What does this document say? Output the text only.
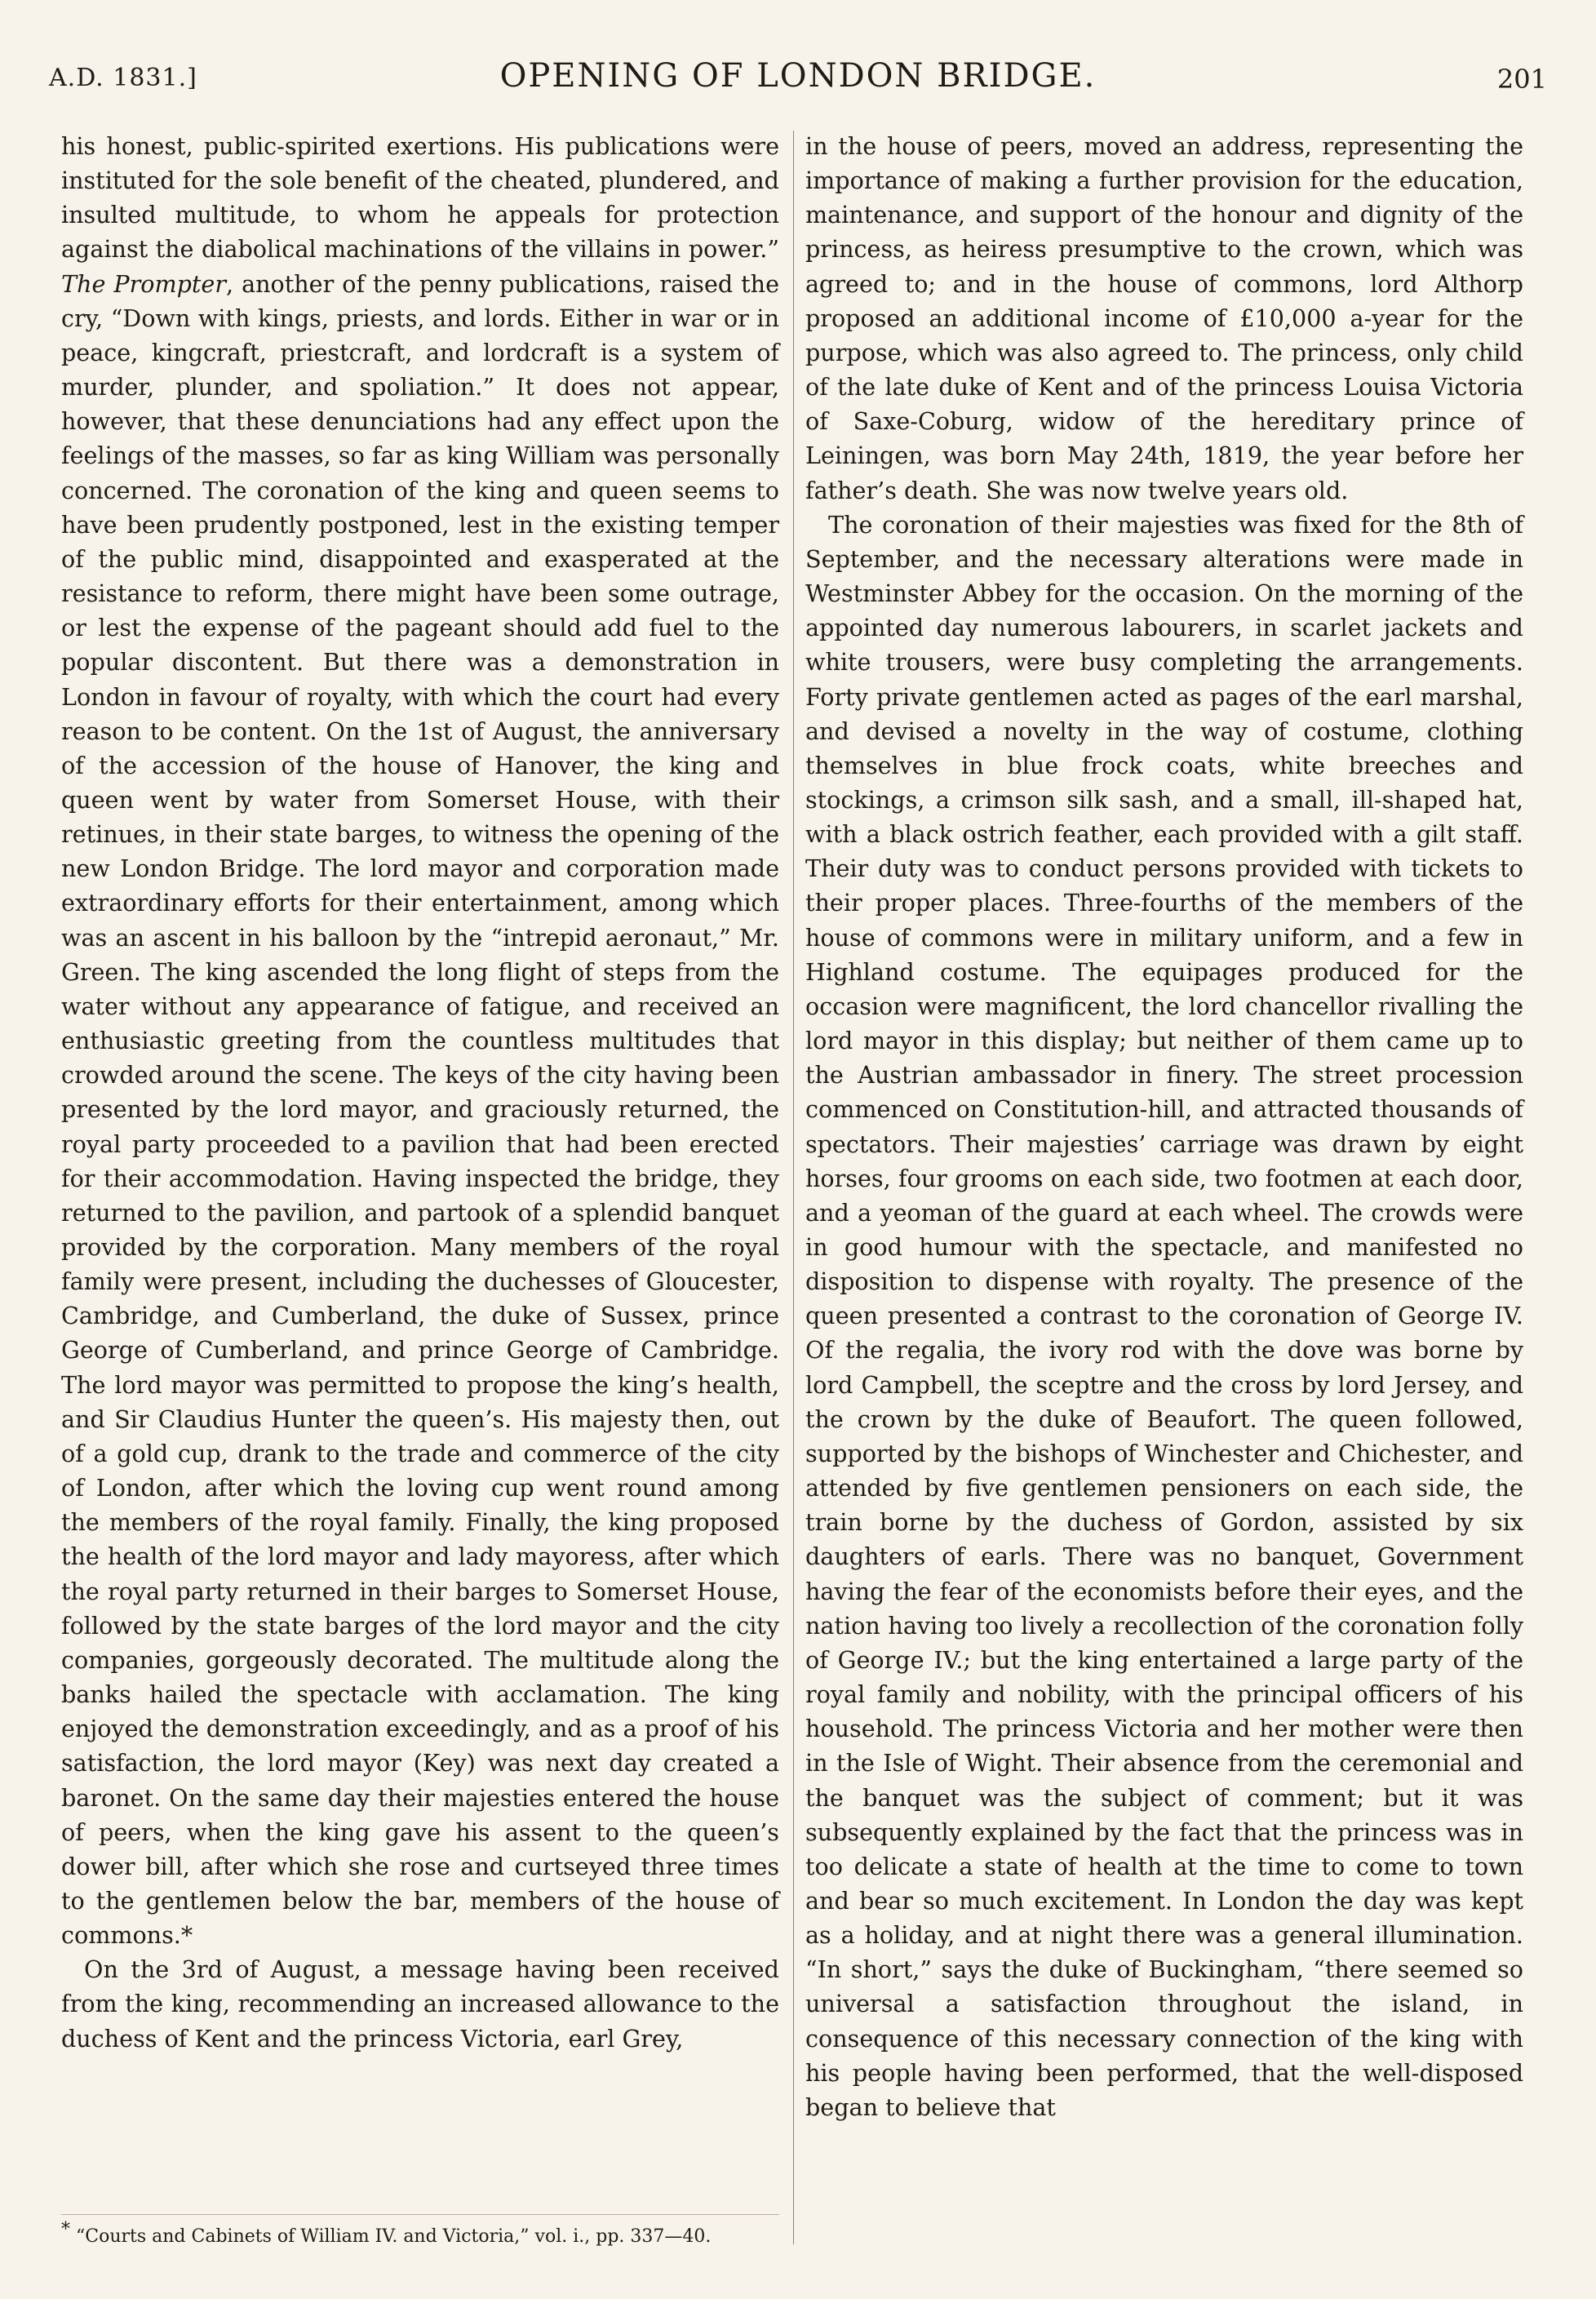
A.D. 1831.]	OPENING OF LONDON BRIDGE.	201

his honest, public-spirited exertions. His publications were instituted for the sole benefit of the cheated, plundered, and insulted multitude, to whom he appeals for protection against the diabolical machinations of the villains in power.” The Prompter, another of the penny publications, raised the cry, “Down with kings, priests, and lords. Either in war or in peace, kingcraft, priestcraft, and lordcraft is a system of murder, plunder, and spoliation.” It does not appear, however, that these denunciations had any effect upon the feelings of the masses, so far as king William was personally concerned. The coronation of the king and queen seems to have been prudently postponed, lest in the existing temper of the public mind, disappointed and exasperated at the resistance to reform, there might have been some outrage, or lest the expense of the pageant should add fuel to the popular discontent. But there was a demonstration in London in favour of royalty, with which the court had every reason to be content. On the 1st of August, the anniversary of the accession of the house of Hanover, the king and queen went by water from Somerset House, with their retinues, in their state barges, to witness the opening of the new London Bridge. The lord mayor and corporation made extraordinary efforts for their entertainment, among which was an ascent in his balloon by the “intrepid aeronaut,” Mr. Green. The king ascended the long flight of steps from the water without any appearance of fatigue, and received an enthusiastic greeting from the countless multitudes that crowded around the scene. The keys of the city having been presented by the lord mayor, and graciously returned, the royal party proceeded to a pavilion that had been erected for their accommodation. Having inspected the bridge, they returned to the pavilion, and partook of a splendid banquet provided by the corporation. Many members of the royal family were present, including the duchesses of Gloucester, Cambridge, and Cumberland, the duke of Sussex, prince George of Cumberland, and prince George of Cambridge. The lord mayor was permitted to propose the king’s health, and Sir Claudius Hunter the queen’s. His majesty then, out of a gold cup, drank to the trade and commerce of the city of London, after which the loving cup went round among the members of the royal family. Finally, the king proposed the health of the lord mayor and lady mayoress, after which the royal party returned in their barges to Somerset House, followed by the state barges of the lord mayor and the city companies, gorgeously decorated. The multitude along the banks hailed the spectacle with acclamation. The king enjoyed the demonstration exceedingly, and as a proof of his satisfaction, the lord mayor (Key) was next day created a baronet. On the same day their majesties entered the house of peers, when the king gave his assent to the queen’s dower bill, after which she rose and curtseyed three times to the gentlemen below the bar, members of the house of commons.*

On the 3rd of August, a message having been received from the king, recommending an increased allowance to the duchess of Kent and the princess Victoria, earl Grey,

in the house of peers, moved an address, representing the importance of making a further provision for the education, maintenance, and support of the honour and dignity of the princess, as heiress presumptive to the crown, which was agreed to; and in the house of commons, lord Althorp proposed an additional income of £10,000 a-year for the purpose, which was also agreed to. The princess, only child of the late duke of Kent and of the princess Louisa Victoria of Saxe-Coburg, widow of the hereditary prince of Leiningen, was born May 24th, 1819, the year before her father’s death. She was now twelve years old.

The coronation of their majesties was fixed for the 8th of September, and the necessary alterations were made in Westminster Abbey for the occasion. On the morning of the appointed day numerous labourers, in scarlet jackets and white trousers, were busy completing the arrangements. Forty private gentlemen acted as pages of the earl marshal, and devised a novelty in the way of costume, clothing themselves in blue frock coats, white breeches and stockings, a crimson silk sash, and a small, ill-shaped hat, with a black ostrich feather, each provided with a gilt staff. Their duty was to conduct persons provided with tickets to their proper places. Three-fourths of the members of the house of commons were in military uniform, and a few in Highland costume. The equipages produced for the occasion were magnificent, the lord chancellor rivalling the lord mayor in this display; but neither of them came up to the Austrian ambassador in finery. The street procession commenced on Constitution-hill, and attracted thousands of spectators. Their majesties’ carriage was drawn by eight horses, four grooms on each side, two footmen at each door, and a yeoman of the guard at each wheel. The crowds were in good humour with the spectacle, and manifested no disposition to dispense with royalty. The presence of the queen presented a contrast to the coronation of George IV. Of the regalia, the ivory rod with the dove was borne by lord Campbell, the sceptre and the cross by lord Jersey, and the crown by the duke of Beaufort. The queen followed, supported by the bishops of Winchester and Chichester, and attended by five gentlemen pensioners on each side, the train borne by the duchess of Gordon, assisted by six daughters of earls. There was no banquet, Government having the fear of the economists before their eyes, and the nation having too lively a recollection of the coronation folly of George IV.; but the king entertained a large party of the royal family and nobility, with the principal officers of his household. The princess Victoria and her mother were then in the Isle of Wight. Their absence from the ceremonial and the banquet was the subject of comment; but it was subsequently explained by the fact that the princess was in too delicate a state of health at the time to come to town and bear so much excitement. In London the day was kept as a holiday, and at night there was a general illumination. “In short,” says the duke of Buckingham, “there seemed so universal a satisfaction throughout the island, in consequence of this necessary connection of the king with his people having been performed, that the well-disposed began to believe that

* “Courts and Cabinets of William IV. and Victoria,” vol. i., pp. 337—40.
